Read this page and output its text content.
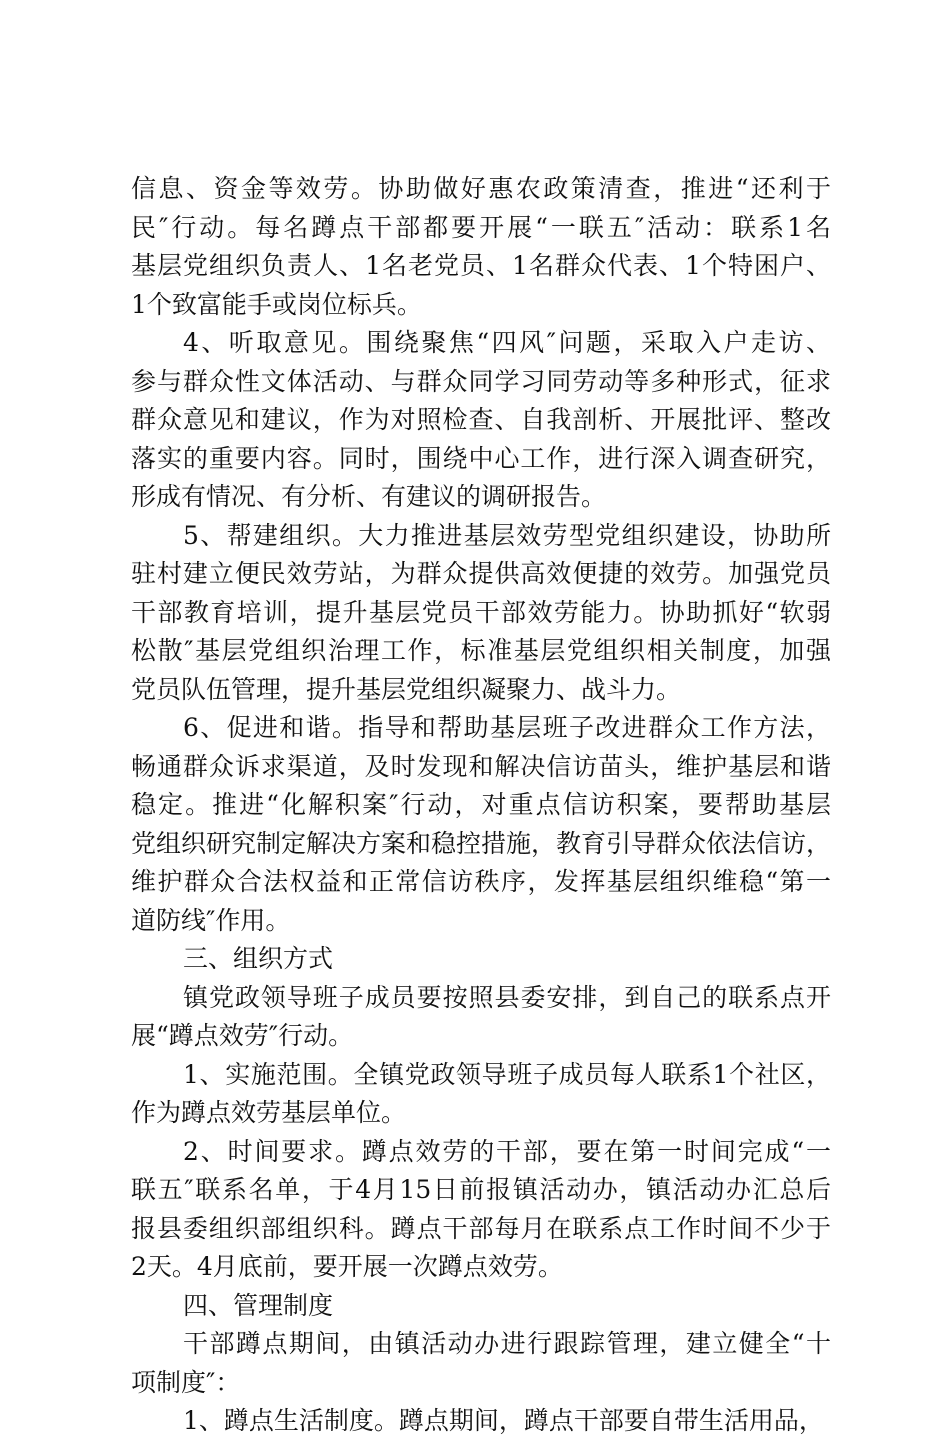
信息、资金等效劳。协助做好惠农政策清查，推进“还利于
民″行动。每名蹲点干部都要开展“一联五″活动：联系1名
基层党组织负责人、1名老党员、1名群众代表、1个特困户、
1个致富能手或岗位标兵。
4、听取意见。围绕聚焦“四风″问题，采取入户走访、
参与群众性文体活动、与群众同学习同劳动等多种形式，征求
群众意见和建议，作为对照检查、自我剖析、开展批评、整改
落实的重要内容。同时，围绕中心工作，进行深入调查研究，
形成有情况、有分析、有建议的调研报告。
5、帮建组织。大力推进基层效劳型党组织建设，协助所
驻村建立便民效劳站，为群众提供高效便捷的效劳。加强党员
干部教育培训，提升基层党员干部效劳能力。协助抓好“软弱
松散″基层党组织治理工作，标准基层党组织相关制度，加强
党员队伍管理，提升基层党组织凝聚力、战斗力。
6、促进和谐。指导和帮助基层班子改进群众工作方法，
畅通群众诉求渠道，及时发现和解决信访苗头，维护基层和谐
稳定。推进“化解积案″行动，对重点信访积案，要帮助基层
党组织研究制定解决方案和稳控措施，教育引导群众依法信访，
维护群众合法权益和正常信访秩序，发挥基层组织维稳“第一
道防线″作用。
三、组织方式
镇党政领导班子成员要按照县委安排，到自己的联系点开
展“蹲点效劳″行动。
1、实施范围。全镇党政领导班子成员每人联系1个社区，
作为蹲点效劳基层单位。
2、时间要求。蹲点效劳的干部，要在第一时间完成“一
联五″联系名单，于4月15日前报镇活动办，镇活动办汇总后
报县委组织部组织科。蹲点干部每月在联系点工作时间不少于
2天。4月底前，要开展一次蹲点效劳。
四、管理制度
干部蹲点期间，由镇活动办进行跟踪管理，建立健全“十
项制度″：
1、蹲点生活制度。蹲点期间，蹲点干部要自带生活用品，
